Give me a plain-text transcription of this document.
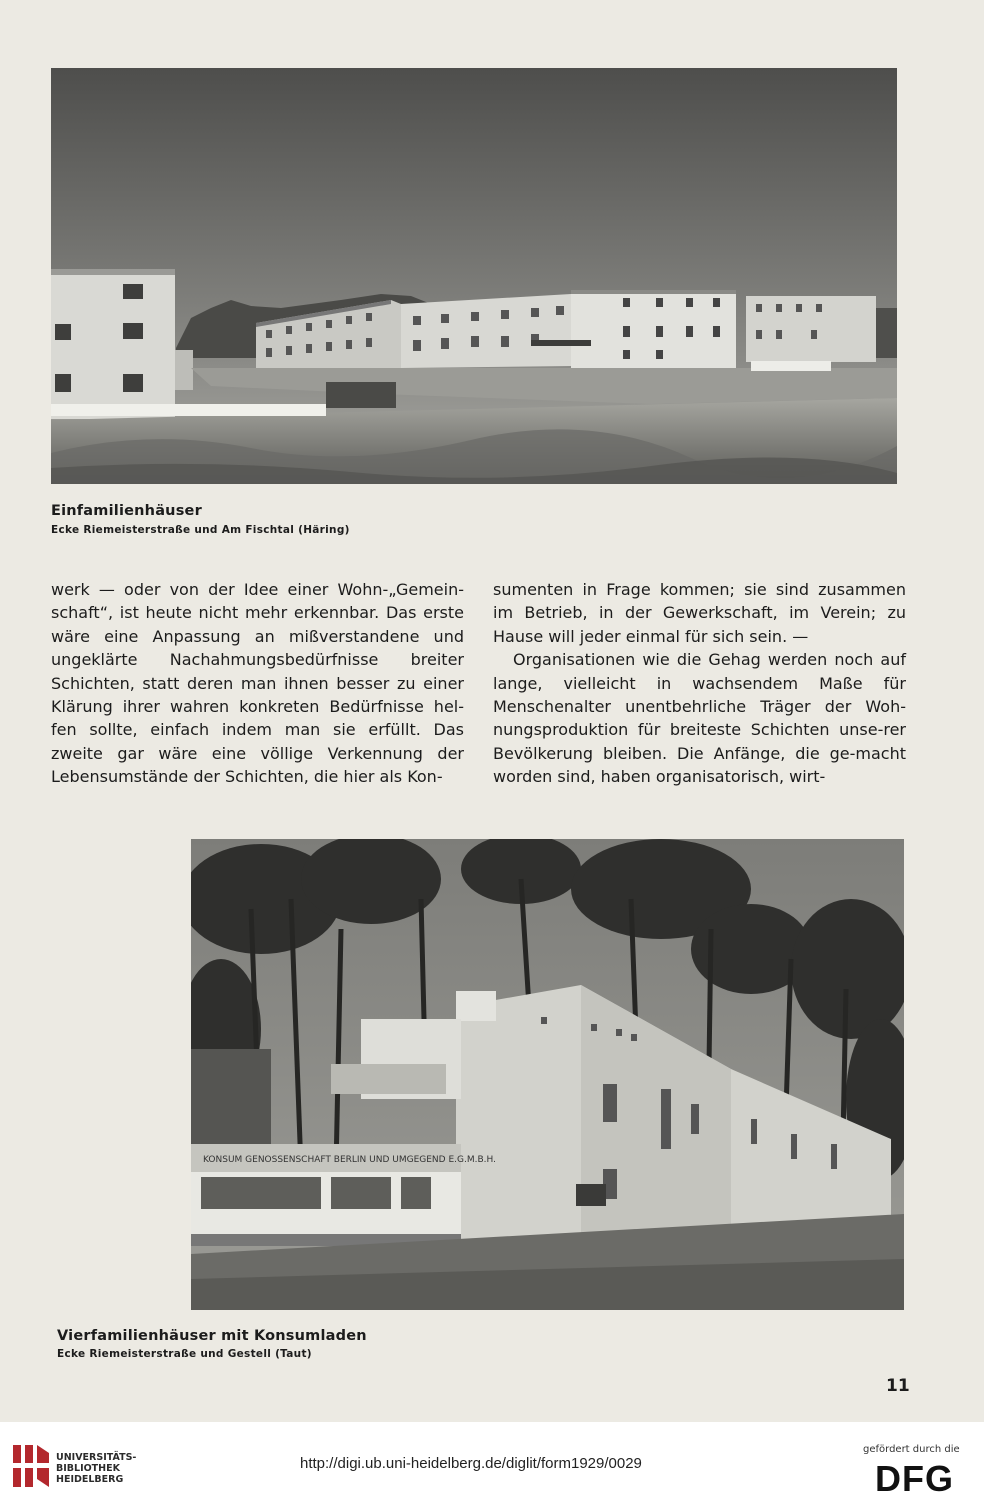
Einfamilienhäuser
Ecke Riemeisterstraße und Am Fischtal (Häring)

werk — oder von der Idee einer Wohn-„Gemein-schaft“, ist heute nicht mehr erkennbar. Das erste wäre eine Anpassung an mißverstandene und ungeklärte Nachahmungsbedürfnisse breiter Schichten, statt deren man ihnen besser zu einer Klärung ihrer wahren konkreten Bedürfnisse hel-fen sollte, einfach indem man sie erfüllt. Das zweite gar wäre eine völlige Verkennung der Lebensumstände der Schichten, die hier als Kon-

sumenten in Frage kommen; sie sind zusammen im Betrieb, in der Gewerkschaft, im Verein; zu Hause will jeder einmal für sich sein. —

Organisationen wie die Gehag werden noch auf lange, vielleicht in wachsendem Maße für Menschenalter unentbehrliche Träger der Woh-nungsproduktion für breiteste Schichten unse-rer Bevölkerung bleiben. Die Anfänge, die ge-macht worden sind, haben organisatorisch, wirt-

KONSUM GENOSSENSCHAFT BERLIN UND UMGEGEND E.G.M.B.H.
Vierfamilienhäuser mit Konsumladen
Ecke Riemeisterstraße und Gestell (Taut)
11
UNIVERSITÄTS-
BIBLIOTHEK
HEIDELBERG
http://digi.ub.uni-heidelberg.de/diglit/form1929/0029
gefördert durch die
DFG
